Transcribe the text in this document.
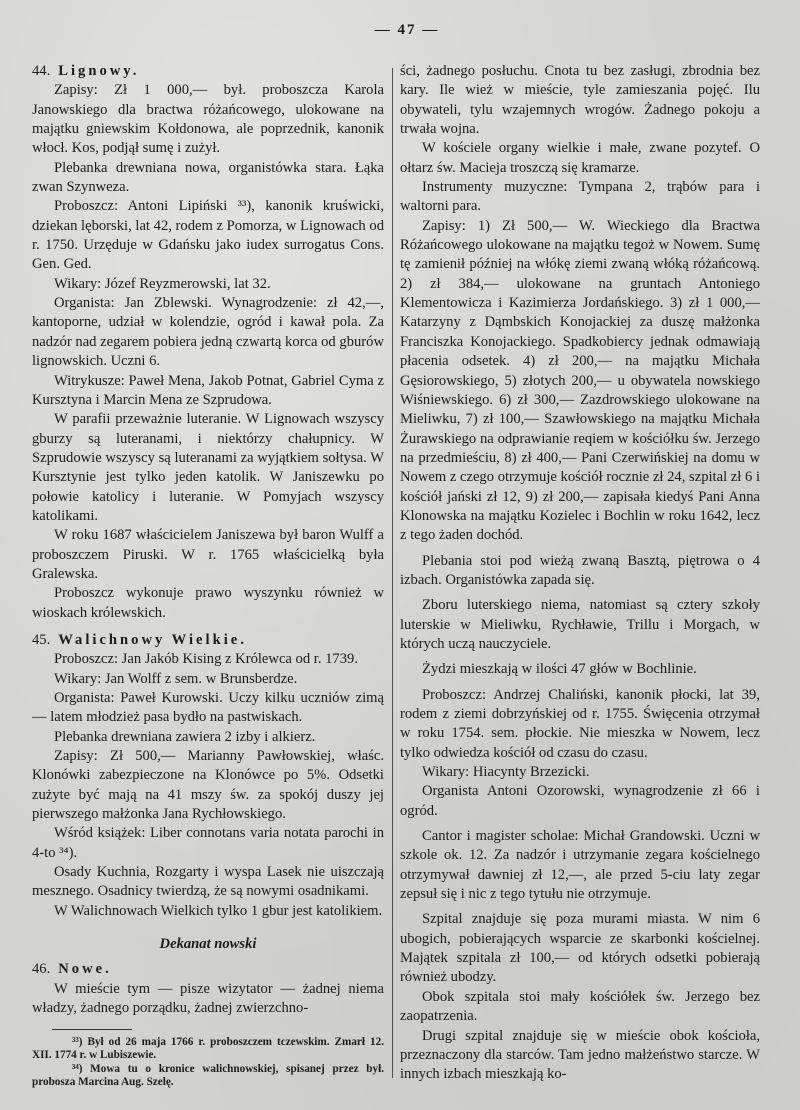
— 47 —

44. Lignowy.

Zapisy: Zł 1 000,— był. proboszcza Karola Janowskiego dla bractwa różańcowego, ulokowane na majątku gniewskim Kołdonowa, ale poprzednik, kanonik włocł. Kos, podjął sumę i zużył.

Plebanka drewniana nowa, organistówka stara. Łąka zwan Szynweza.

Proboszcz: Antoni Lipiński ³³), kanonik kruświcki, dziekan lęborski, lat 42, rodem z Pomorza, w Lignowach od r. 1750. Urzęduje w Gdańsku jako iudex surrogatus Cons. Gen. Ged.

Wikary: Józef Reyzmerowski, lat 32.

Organista: Jan Zblewski. Wynagrodzenie: zł 42,—, kantoporne, udział w kolendzie, ogród i kawał pola. Za nadzór nad zegarem pobiera jedną czwartą korca od gburów lignowskich. Uczni 6.

Witrykusze: Paweł Mena, Jakob Potnat, Gabriel Cyma z Kursztyna i Marcin Mena ze Szprudowa.

W parafii przeważnie luteranie. W Lignowach wszyscy gburzy są luteranami, i niektórzy chałupnicy. W Szprudowie wszyscy są luteranami za wyjątkiem sołtysa. W Kursztynie jest tylko jeden katolik. W Janiszewku po połowie katolicy i luteranie. W Pomyjach wszyscy katolikami.

W roku 1687 właścicielem Janiszewa był baron Wulff a proboszczem Piruski. W r. 1765 właścicielką była Gralewska.

Proboszcz wykonuje prawo wyszynku również w wioskach królewskich.

45. Walichnowy Wielkie.

Proboszcz: Jan Jakób Kising z Królewca od r. 1739.

Wikary: Jan Wolff z sem. w Brunsberdze.

Organista: Paweł Kurowski. Uczy kilku uczniów zimą — latem młodzież pasa bydło na pastwiskach.

Plebanka drewniana zawiera 2 izby i alkierz.

Zapisy: Zł 500,— Marianny Pawłowskiej, właśc. Klonówki zabezpieczone na Klonówce po 5%. Odsetki zużyte być mają na 41 mszy św. za spokój duszy jej pierwszego małżonka Jana Rychłowskiego.

Wśród książek: Liber connotans varia notata parochi in 4-to ³⁴).

Osady Kuchnia, Rozgarty i wyspa Lasek nie uiszczają mesznego. Osadnicy twierdzą, że są nowymi osadnikami.

W Walichnowach Wielkich tylko 1 gbur jest katolikiem.

Dekanat nowski

46. Nowe.

W mieście tym — pisze wizytator — żadnej niema władzy, żadnego porządku, żadnej zwierzchno-

³³) Był od 26 maja 1766 r. proboszczem tczewskim. Zmarł 12. XII. 1774 r. w Lubiszewie.

³⁴) Mowa tu o kronice walichnowskiej, spisanej przez był. probosza Marcina Aug. Szelę.

ści, żadnego posłuchu. Cnota tu bez zasługi, zbrodnia bez kary. Ile wież w mieście, tyle zamieszania pojęć. Ilu obywateli, tylu wzajemnych wrogów. Żadnego pokoju a trwała wojna.

W kościele organy wielkie i małe, zwane pozytef. O ołtarz św. Macieja troszczą się kramarze.

Instrumenty muzyczne: Tympana 2, trąbów para i waltorni para.

Zapisy: 1) Zł 500,— W. Wieckiego dla Bractwa Różańcowego ulokowane na majątku tegoż w Nowem. Sumę tę zamienił później na włókę ziemi zwaną włóką różańcową. 2) zł 384,— ulokowane na gruntach Antoniego Klementowicza i Kazimierza Jordańskiego. 3) zł 1 000,— Katarzyny z Dąmbskich Konojackiej za duszę małżonka Franciszka Konojackiego. Spadkobiercy jednak odmawiają płacenia odsetek. 4) zł 200,— na majątku Michała Gęsiorowskiego, 5) złotych 200,— u obywatela nowskiego Wiśniewskiego. 6) zł 300,— Zazdrowskiego ulokowane na Mieliwku, 7) zł 100,— Szawłowskiego na majątku Michała Żurawskiego na odprawianie reqiem w kościółku św. Jerzego na przedmieściu, 8) zł 400,— Pani Czerwińskiej na domu w Nowem z czego otrzymuje kościół rocznie zł 24, szpital zł 6 i kościół jański zł 12, 9) zł 200,— zapisała kiedyś Pani Anna Klonowska na majątku Kozielec i Bochlin w roku 1642, lecz z tego żaden dochód.

Plebania stoi pod wieżą zwaną Basztą, piętrowa o 4 izbach. Organistówka zapada się.

Zboru luterskiego niema, natomiast są cztery szkoły luterskie w Mieliwku, Rychławie, Trillu i Morgach, w których uczą nauczyciele.

Żydzi mieszkają w ilości 47 głów w Bochlinie.

Proboszcz: Andrzej Chaliński, kanonik płocki, lat 39, rodem z ziemi dobrzyńskiej od r. 1755. Święcenia otrzymał w roku 1754. sem. płockie. Nie mieszka w Nowem, lecz tylko odwiedza kościół od czasu do czasu.

Wikary: Hiacynty Brzezicki.

Organista Antoni Ozorowski, wynagrodzenie zł 66 i ogród.

Cantor i magister scholae: Michał Grandowski. Uczni w szkole ok. 12. Za nadzór i utrzymanie zegara kościelnego otrzymywał dawniej zł 12,—, ale przed 5-ciu laty zegar zepsuł się i nic z tego tytułu nie otrzymuje.

Szpital znajduje się poza murami miasta. W nim 6 ubogich, pobierających wsparcie ze skarbonki kościelnej. Majątek szpitala zł 100,— od których odsetki pobierają również ubodzy.

Obok szpitala stoi mały kościółek św. Jerzego bez zaopatrzenia.

Drugi szpital znajduje się w mieście obok kościoła, przeznaczony dla starców. Tam jedno małżeństwo starcze. W innych izbach mieszkają ko-
